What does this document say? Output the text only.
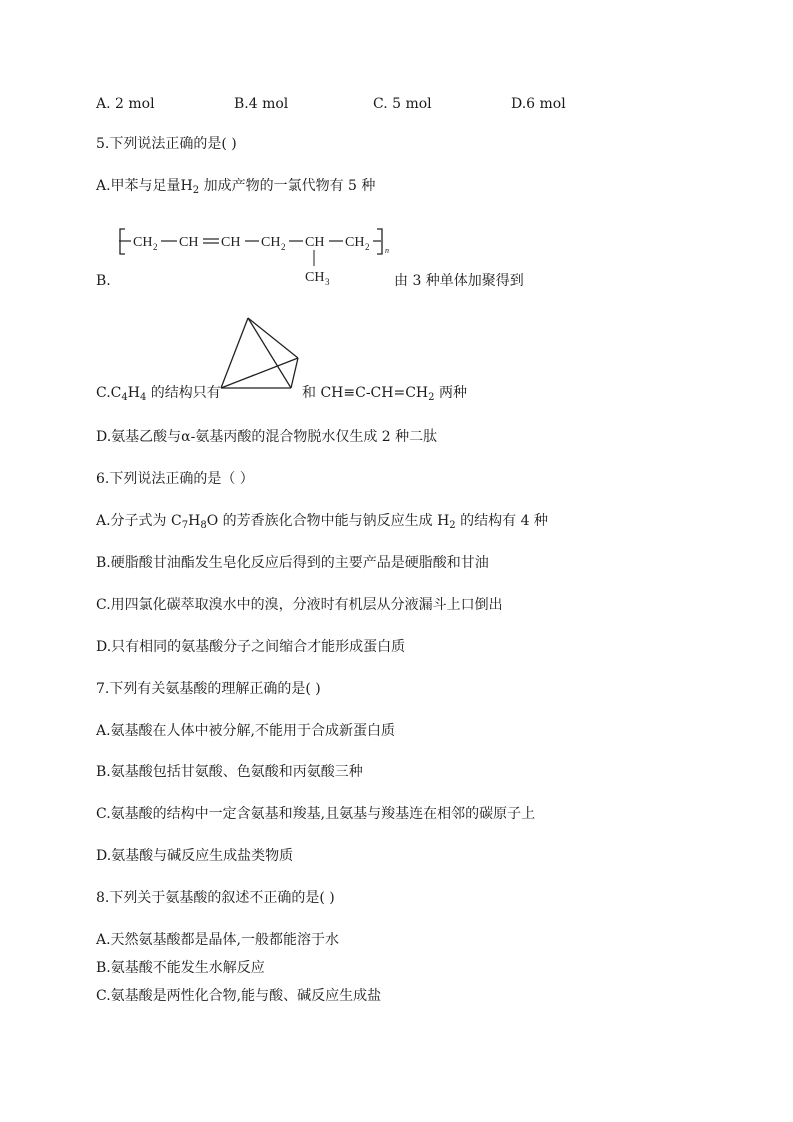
A. 2 mol	B.4 mol	C. 5 mol	D.6 mol
5.下列说法正确的是( )
A.甲苯与足量$H_2$ 加成产物的一氯代物有 5 种
CH 2 CH CH CH 2 CH CH 2 n
CH 3
B.	由 3 种单体加聚得到
$C.C_4H_4$ 的结构只有	和 $CH\equiv C-CH=CH_2$ 两种
D.氨基乙酸与α-氨基丙酸的混合物脱水仅生成 2 种二肽
6.下列说法正确的是（ ）
A.分子式为 $C_7H_8O$ 的芳香族化合物中能与钠反应生成 $H_2$ 的结构有 4 种
B.硬脂酸甘油酯发生皂化反应后得到的主要产品是硬脂酸和甘油
C.用四氯化碳萃取溴水中的溴，分液时有机层从分液漏斗上口倒出
D.只有相同的氨基酸分子之间缩合才能形成蛋白质
7.下列有关氨基酸的理解正确的是( )
A.氨基酸在人体中被分解,不能用于合成新蛋白质
B.氨基酸包括甘氨酸、色氨酸和丙氨酸三种
C.氨基酸的结构中一定含氨基和羧基,且氨基与羧基连在相邻的碳原子上
D.氨基酸与碱反应生成盐类物质
8.下列关于氨基酸的叙述不正确的是( )
A.天然氨基酸都是晶体,一般都能溶于水
B.氨基酸不能发生水解反应
C.氨基酸是两性化合物,能与酸、碱反应生成盐
